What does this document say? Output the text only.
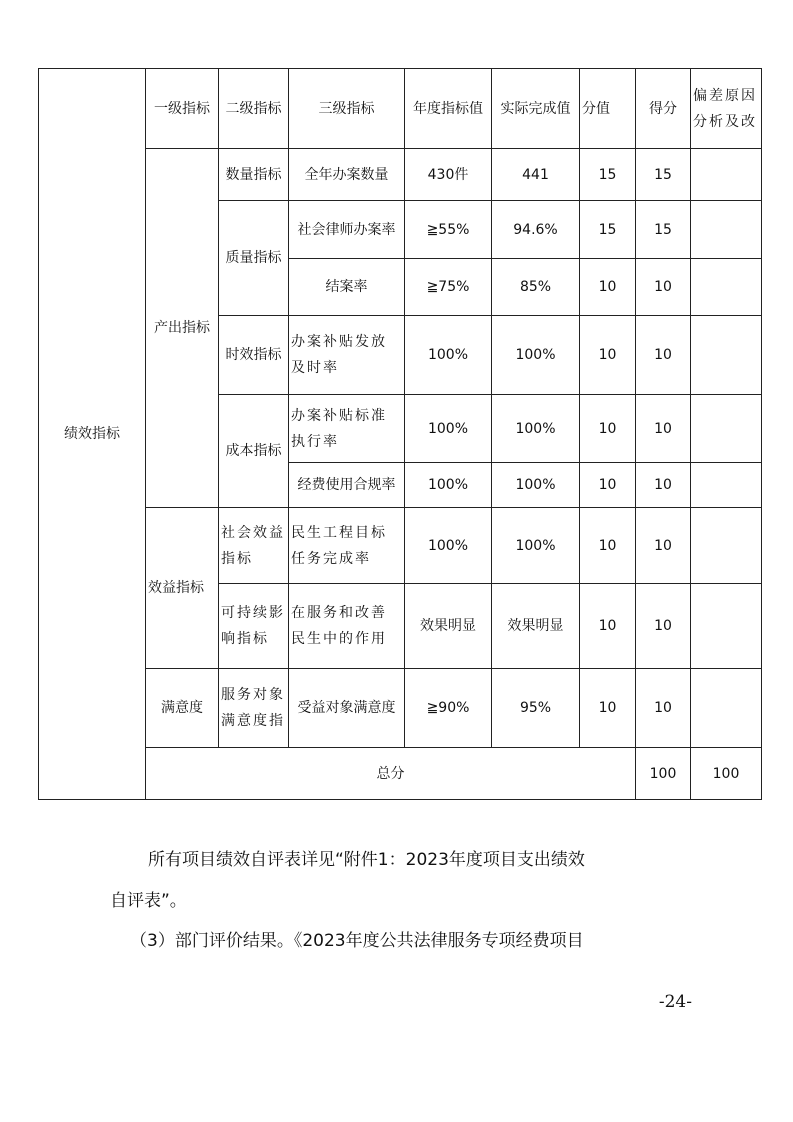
绩效指标	一级指标	二级指标	三级指标	年度指标值	实际完成值	分值	得分	偏差原因分析及改	
	产出指标	数量指标	全年办案数量	430件	441	15	15		
		质量指标	社会律师办案率	≧55%	94.6%	15	15		
			结案率	≧75%	85%	10	10		
		时效指标	办案补贴发放及时率	100%	100%	10	10		
		成本指标	办案补贴标准执行率	100%	100%	10	10		
			经费使用合规率	100%	100%	10	10		
	效益指标	社会效益指标	民生工程目标任务完成率	100%	100%	10	10		
		可持续影响指标	在服务和改善民生中的作用	效果明显	效果明显	10	10		
	满意度	服务对象满意度指	受益对象满意度	≧90%	95%	10	10		
	总分						100	100	
所有项目绩效自评表详见“附件1：2023年度项目支出绩效
自评表”。
（3）部门评价结果。《2023年度公共法律服务专项经费项目
-24-
